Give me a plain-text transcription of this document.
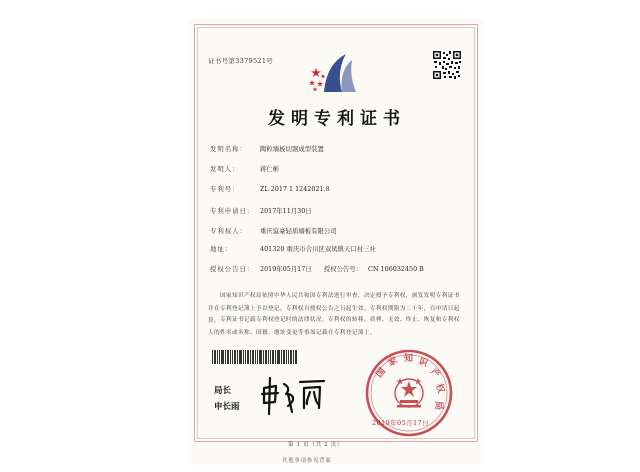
证书号第3379521号
发明专利证书
发明名称：	陶粒墙板切割成型装置
发明人：	蒋仁彬
专利号：	ZL 2017 1 1242021.8
专利申请日： 2017年11月30日
专利权人：	重庆谊豪轻质墙板有限公司
地址：	401320 重庆市合川区双凤镇天口村三社
授权公告日： 2019年05月17日 授权公告号： CN 106032450 B
国家知识产权局依照中华人民共和国专利法进行审查，决定授予专利权，颁发发明专利证书并在专利登记簿上予以登记。专利权自授权公告之日起生效。专利权期限为二十年，自申请日起算。 专利证书记载专利权登记时的法律状况。专利权的转移、质押、无效、终止、恢复和专利权人的姓名或名称、国籍、地址变更等事项记载在专利登记簿上。
局长
申长雨
国
家 知 识
产
权
局
2019年05月17日
第 1 页（共 2 页）
其他事项参见背面
